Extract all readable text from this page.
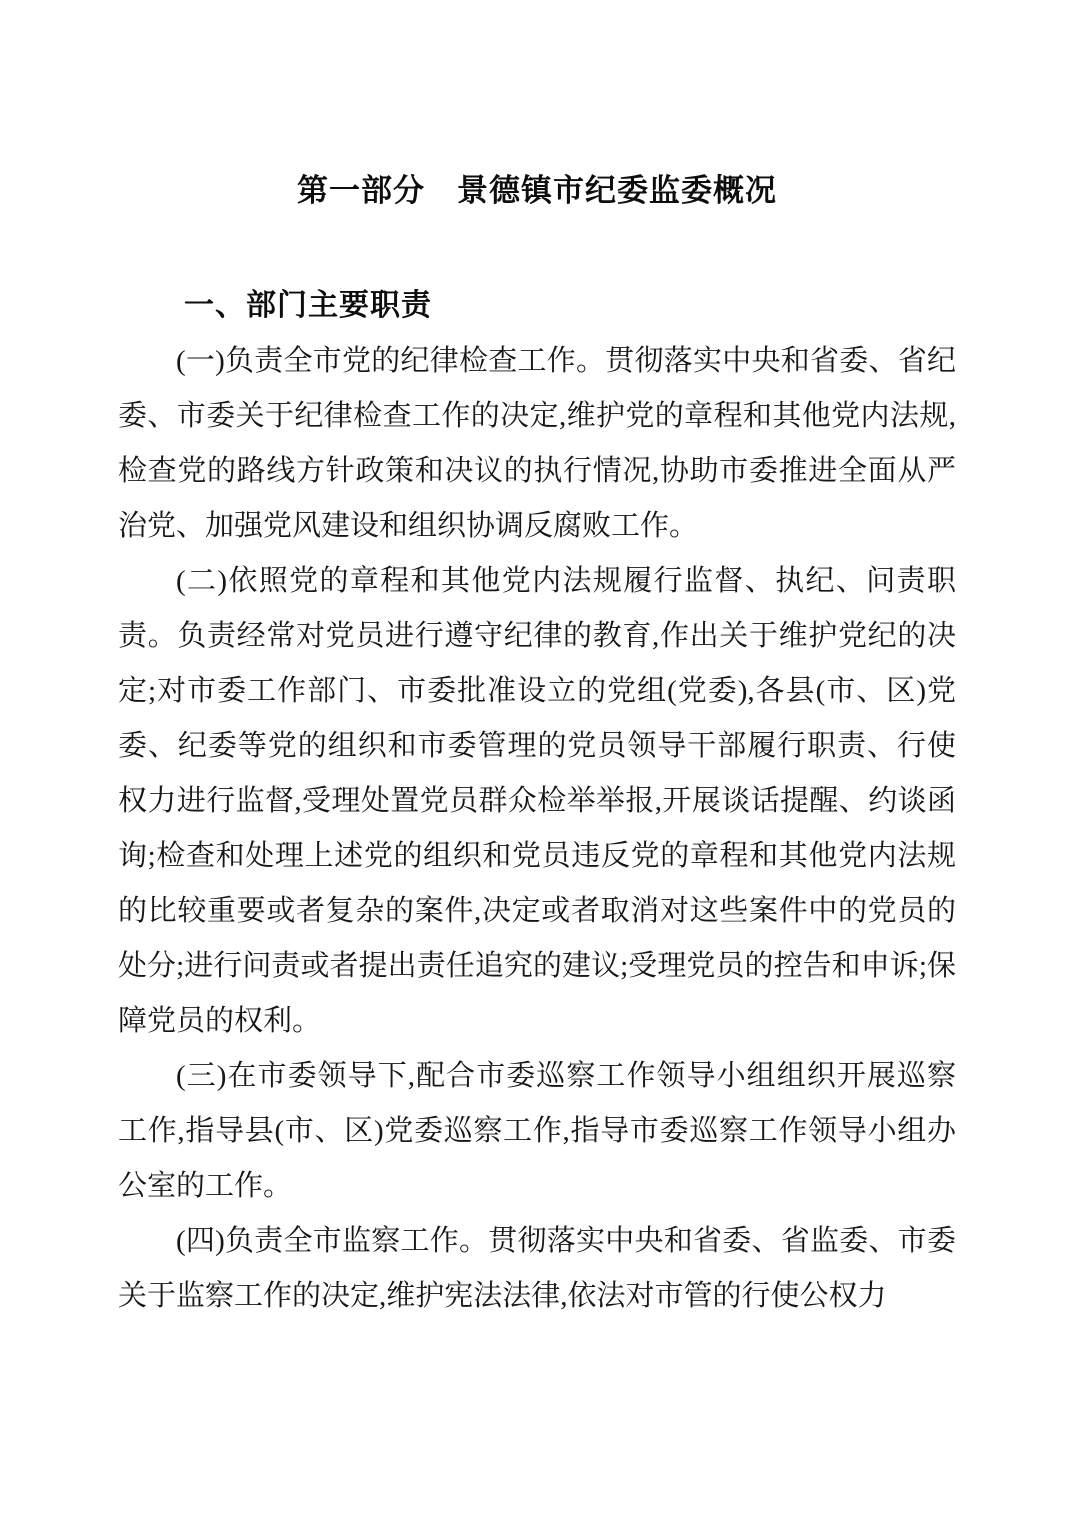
第一部分　景德镇市纪委监委概况
一、部门主要职责

(一)负责全市党的纪律检查工作。贯彻落实中央和省委、省纪委、市委关于纪律检查工作的决定,维护党的章程和其他党内法规,检查党的路线方针政策和决议的执行情况,协助市委推进全面从严治党、加强党风建设和组织协调反腐败工作。

(二)依照党的章程和其他党内法规履行监督、执纪、问责职责。负责经常对党员进行遵守纪律的教育,作出关于维护党纪的决定;对市委工作部门、市委批准设立的党组(党委),各县(市、区)党委、纪委等党的组织和市委管理的党员领导干部履行职责、行使权力进行监督,受理处置党员群众检举举报,开展谈话提醒、约谈函询;检查和处理上述党的组织和党员违反党的章程和其他党内法规的比较重要或者复杂的案件,决定或者取消对这些案件中的党员的处分;进行问责或者提出责任追究的建议;受理党员的控告和申诉;保障党员的权利。

(三)在市委领导下,配合市委巡察工作领导小组组织开展巡察工作,指导县(市、区)党委巡察工作,指导市委巡察工作领导小组办公室的工作。

(四)负责全市监察工作。贯彻落实中央和省委、省监委、市委关于监察工作的决定,维护宪法法律,依法对市管的行使公权力
